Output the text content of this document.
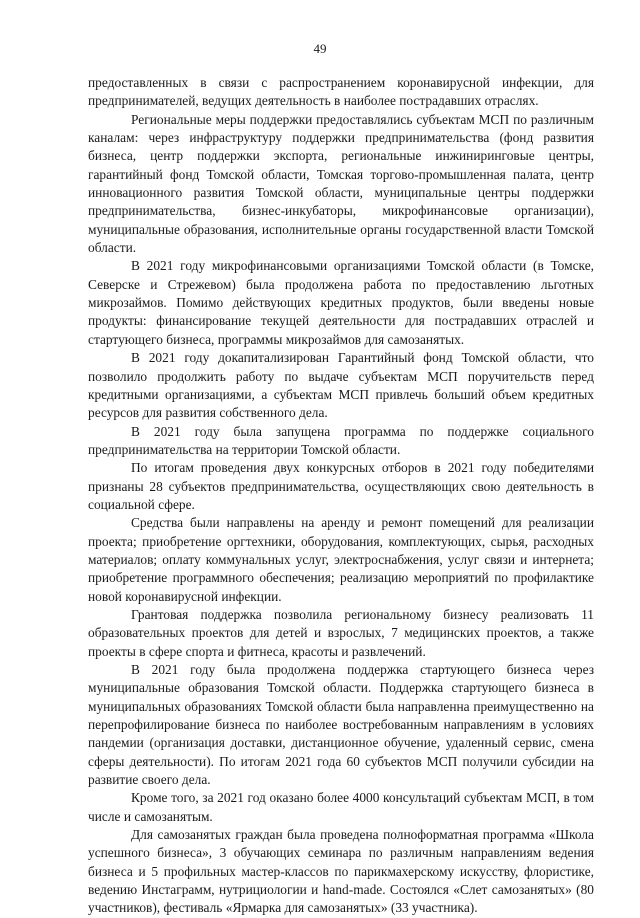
49

предоставленных в связи с распространением коронавирусной инфекции, для предпринимателей, ведущих деятельность в наиболее пострадавших отраслях.

Региональные меры поддержки предоставлялись субъектам МСП по различным каналам: через инфраструктуру поддержки предпринимательства (фонд развития бизнеса, центр поддержки экспорта, региональные инжиниринговые центры, гарантийный фонд Томской области, Томская торгово-промышленная палата, центр инновационного развития Томской области, муниципальные центры поддержки предпринимательства, бизнес-инкубаторы, микрофинансовые организации), муниципальные образования, исполнительные органы государственной власти Томской области.

В 2021 году микрофинансовыми организациями Томской области (в Томске, Северске и Стрежевом) была продолжена работа по предоставлению льготных микрозаймов. Помимо действующих кредитных продуктов, были введены новые продукты: финансирование текущей деятельности для пострадавших отраслей и стартующего бизнеса, программы микрозаймов для самозанятых.

В 2021 году докапитализирован Гарантийный фонд Томской области, что позволило продолжить работу по выдаче субъектам МСП поручительств перед кредитными организациями, а субъектам МСП привлечь больший объем кредитных ресурсов для развития собственного дела.

В 2021 году была запущена программа по поддержке социального предпринимательства на территории Томской области.

По итогам проведения двух конкурсных отборов в 2021 году победителями признаны 28 субъектов предпринимательства, осуществляющих свою деятельность в социальной сфере.

Средства были направлены на аренду и ремонт помещений для реализации проекта; приобретение оргтехники, оборудования, комплектующих, сырья, расходных материалов; оплату коммунальных услуг, электроснабжения, услуг связи и интернета; приобретение программного обеспечения; реализацию мероприятий по профилактике новой коронавирусной инфекции.

Грантовая поддержка позволила региональному бизнесу реализовать 11 образовательных проектов для детей и взрослых, 7 медицинских проектов, а также проекты в сфере спорта и фитнеса, красоты и развлечений.

В 2021 году была продолжена поддержка стартующего бизнеса через муниципальные образования Томской области. Поддержка стартующего бизнеса в муниципальных образованиях Томской области была направленна преимущественно на перепрофилирование бизнеса по наиболее востребованным направлениям в условиях пандемии (организация доставки, дистанционное обучение, удаленный сервис, смена сферы деятельности). По итогам 2021 года 60 субъектов МСП получили субсидии на развитие своего дела.

Кроме того, за 2021 год оказано более 4000 консультаций субъектам МСП, в том числе и самозанятым.

Для самозанятых граждан была проведена полноформатная программа «Школа успешного бизнеса», 3 обучающих семинара по различным направлениям ведения бизнеса и 5 профильных мастер-классов по парикмахерскому искусству, флористике, ведению Инстаграмм, нутрициологии и hand-made. Состоялся «Слет самозанятых» (80 участников), фестиваль «Ярмарка для самозанятых» (33 участника).
